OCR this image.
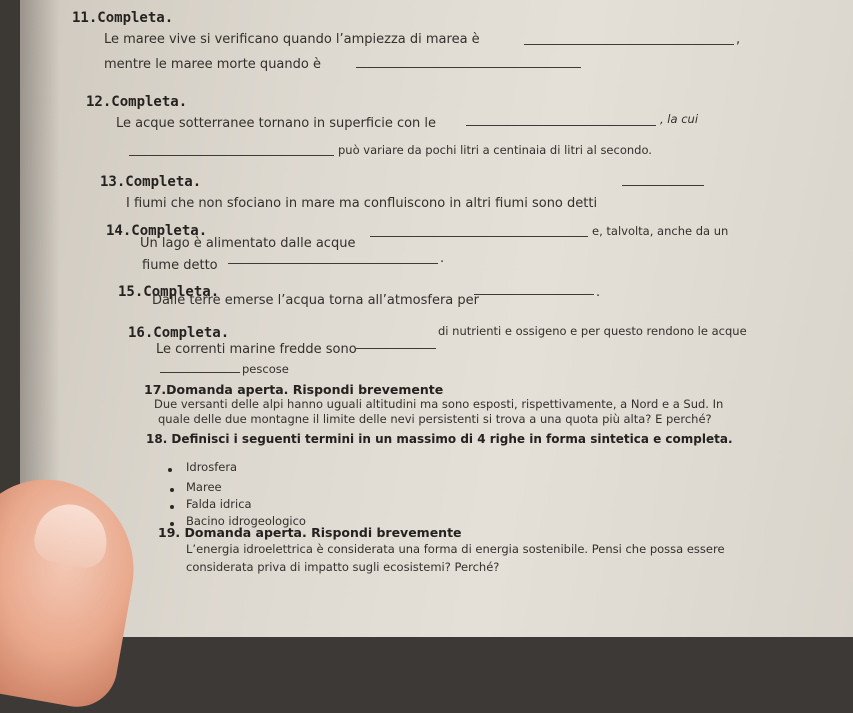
11.Completa.
Le maree vive si verificano quando l’ampiezza di marea è	,
mentre le maree morte quando è
12.Completa.
Le acque sotterranee tornano in superficie con le	, la cui
può variare da pochi litri a centinaia di litri al secondo.
13.Completa.
I fiumi che non sfociano in mare ma confluiscono in altri fiumi sono detti
14.Completa.
Un lago è alimentato dalle acque
e, talvolta, anche da un
fiume detto	.
15.Completa.
Dalle terre emerse l’acqua torna all’atmosfera per
.
16.Completa.
Le correnti marine fredde sono
di nutrienti e ossigeno e per questo rendono le acque
pescose
17.Domanda aperta. Rispondi brevemente
Due versanti delle alpi hanno uguali altitudini ma sono esposti, rispettivamente, a Nord e a Sud. In
quale delle due montagne il limite delle nevi persistenti si trova a una quota più alta? E perché?
18. Definisci i seguenti termini in un massimo di 4 righe in forma sintetica e completa.
Idrosfera
Maree
Falda idrica
Bacino idrogeologico
19. Domanda aperta. Rispondi brevemente
L’energia idroelettrica è considerata una forma di energia sostenibile. Pensi che possa essere
considerata priva di impatto sugli ecosistemi? Perché?
